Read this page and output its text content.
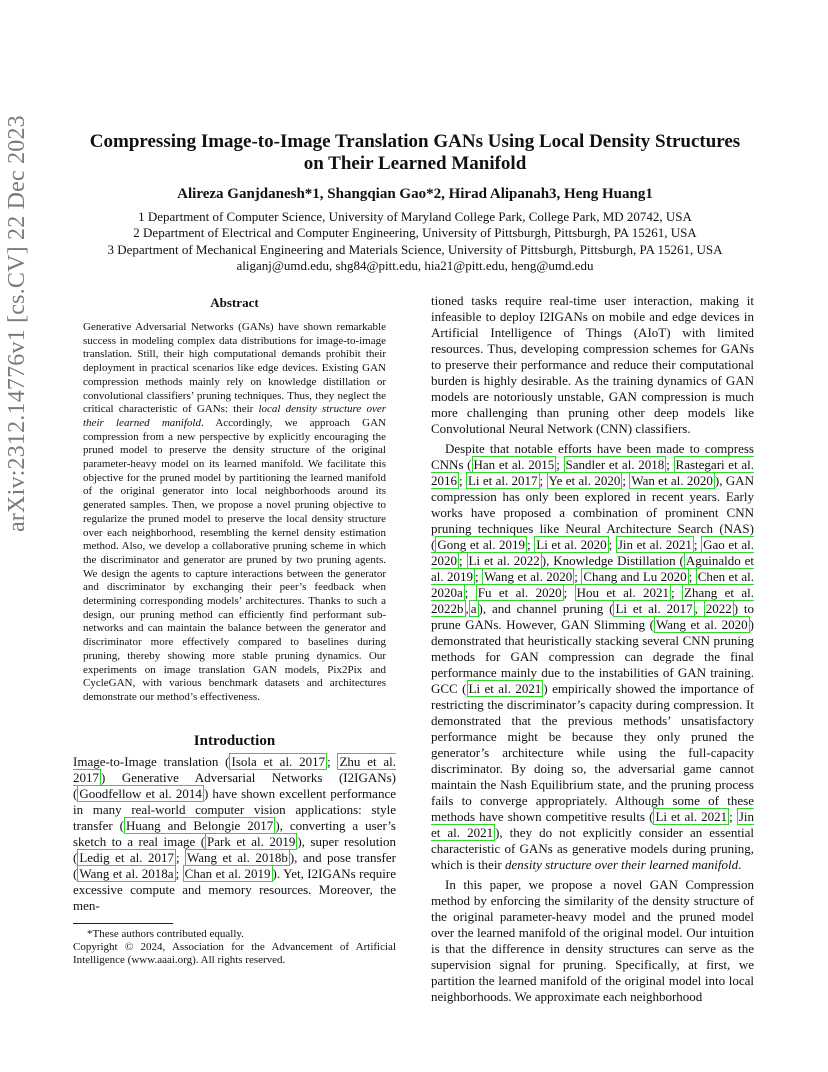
arXiv:2312.14776v1 [cs.CV] 22 Dec 2023	Compressing Image-to-Image Translation GANs Using Local Density Structures
on Their Learned Manifold
Alireza Ganjdanesh*1, Shangqian Gao*2, Hirad Alipanah3, Heng Huang1
1 Department of Computer Science, University of Maryland College Park, College Park, MD 20742, USA
2 Department of Electrical and Computer Engineering, University of Pittsburgh, Pittsburgh, PA 15261, USA
3 Department of Mechanical Engineering and Materials Science, University of Pittsburgh, Pittsburgh, PA 15261, USA
aliganj@umd.edu, shg84@pitt.edu, hia21@pitt.edu, heng@umd.edu
Abstract
Generative Adversarial Networks (GANs) have shown remarkable success in modeling complex data distributions for image-to-image translation. Still, their high computational demands prohibit their deployment in practical scenarios like edge devices. Existing GAN compression methods mainly rely on knowledge distillation or convolutional classifiers’ pruning techniques. Thus, they neglect the critical characteristic of GANs: their local density structure over their learned manifold. Accordingly, we approach GAN compression from a new perspective by explicitly encouraging the pruned model to preserve the density structure of the original parameter-heavy model on its learned manifold. We facilitate this objective for the pruned model by partitioning the learned manifold of the original generator into local neighborhoods around its generated samples. Then, we propose a novel pruning objective to regularize the pruned model to preserve the local density structure over each neighborhood, resembling the kernel density estimation method. Also, we develop a collaborative pruning scheme in which the discriminator and generator are pruned by two pruning agents. We design the agents to capture interactions between the generator and discriminator by exchanging their peer’s feedback when determining corresponding models’ architectures. Thanks to such a design, our pruning method can efficiently find performant sub-networks and can maintain the balance between the generator and discriminator more effectively compared to baselines during pruning, thereby showing more stable pruning dynamics. Our experiments on image translation GAN models, Pix2Pix and CycleGAN, with various benchmark datasets and architectures demonstrate our method’s effectiveness.
Introduction

Image-to-Image translation ( Isola et al. 2017 ; Zhu et al. 2017 ) Generative Adversarial Networks (I2IGANs) ( Goodfellow et al. 2014 ) have shown excellent performance in many real-world computer vision applications: style transfer ( Huang and Belongie 2017 ), converting a user’s sketch to a real image ( Park et al. 2019 ), super resolution ( Ledig et al. 2017 ; Wang et al. 2018b ), and pose transfer ( Wang et al. 2018a ; Chan et al. 2019 ). Yet, I2IGANs require excessive compute and memory resources. Moreover, the men-

*These authors contributed equally.
Copyright © 2024, Association for the Advancement of Artificial Intelligence (www.aaai.org). All rights reserved.

tioned tasks require real-time user interaction, making it infeasible to deploy I2IGANs on mobile and edge devices in Artificial Intelligence of Things (AIoT) with limited resources. Thus, developing compression schemes for GANs to preserve their performance and reduce their computational burden is highly desirable. As the training dynamics of GAN models are notoriously unstable, GAN compression is much more challenging than pruning other deep models like Convolutional Neural Network (CNN) classifiers.

Despite that notable efforts have been made to compress CNNs ( Han et al. 2015 ; Sandler et al. 2018 ; Rastegari et al. 2016 ; Li et al. 2017 ; Ye et al. 2020 ; Wan et al. 2020 ), GAN compression has only been explored in recent years. Early works have proposed a combination of prominent CNN pruning techniques like Neural Architecture Search (NAS) ( Gong et al. 2019 ; Li et al. 2020 ; Jin et al. 2021 ; Gao et al. 2020 ; Li et al. 2022 ), Knowledge Distillation ( Aguinaldo et al. 2019 ; Wang et al. 2020 ; Chang and Lu 2020 ; Chen et al. 2020a ; Fu et al. 2020 ; Hou et al. 2021 ; Zhang et al. 2022b , a ), and channel pruning ( Li et al. 2017 , 2022 ) to prune GANs. However, GAN Slimming ( Wang et al. 2020 ) demonstrated that heuristically stacking several CNN pruning methods for GAN compression can degrade the final performance mainly due to the instabilities of GAN training. GCC ( Li et al. 2021 ) empirically showed the importance of restricting the discriminator’s capacity during compression. It demonstrated that the previous methods’ unsatisfactory performance might be because they only pruned the generator’s architecture while using the full-capacity discriminator. By doing so, the adversarial game cannot maintain the Nash Equilibrium state, and the pruning process fails to converge appropriately. Although some of these methods have shown competitive results ( Li et al. 2021 ; Jin et al. 2021 ), they do not explicitly consider an essential characteristic of GANs as generative models during pruning, which is their density structure over their learned manifold.

In this paper, we propose a novel GAN Compression method by enforcing the similarity of the density structure of the original parameter-heavy model and the pruned model over the learned manifold of the original model. Our intuition is that the difference in density structures can serve as the supervision signal for pruning. Specifically, at first, we partition the learned manifold of the original model into local neighborhoods. We approximate each neighborhood
